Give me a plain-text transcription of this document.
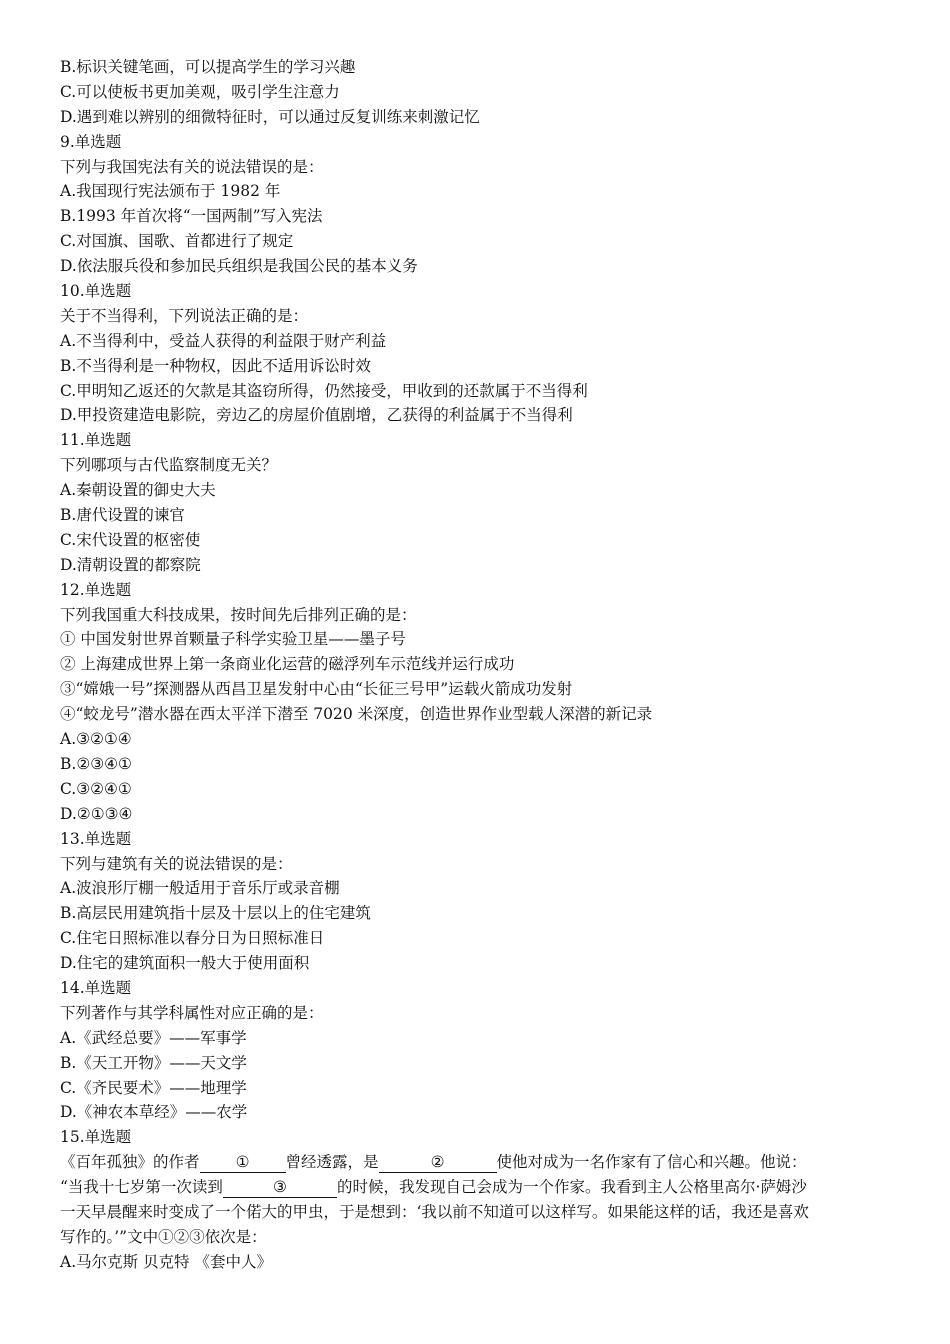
B.标识关键笔画，可以提高学生的学习兴趣
C.可以使板书更加美观，吸引学生注意力
D.遇到难以辨别的细微特征时，可以通过反复训练来刺激记忆
9.单选题
下列与我国宪法有关的说法错误的是：
A.我国现行宪法颁布于 1982 年
B.1993 年首次将“一国两制”写入宪法
C.对国旗、国歌、首都进行了规定
D.依法服兵役和参加民兵组织是我国公民的基本义务
10.单选题
关于不当得利，下列说法正确的是：
A.不当得利中，受益人获得的利益限于财产利益
B.不当得利是一种物权，因此不适用诉讼时效
C.甲明知乙返还的欠款是其盗窃所得，仍然接受，甲收到的还款属于不当得利
D.甲投资建造电影院，旁边乙的房屋价值剧增，乙获得的利益属于不当得利
11.单选题
下列哪项与古代监察制度无关？
A.秦朝设置的御史大夫
B.唐代设置的谏官
C.宋代设置的枢密使
D.清朝设置的都察院
12.单选题
下列我国重大科技成果，按时间先后排列正确的是：
① 中国发射世界首颗量子科学实验卫星——墨子号
② 上海建成世界上第一条商业化运营的磁浮列车示范线并运行成功
③“嫦娥一号”探测器从西昌卫星发射中心由“长征三号甲”运载火箭成功发射
④“蛟龙号”潜水器在西太平洋下潜至 7020 米深度，创造世界作业型载人深潜的新记录
A.③②①④
B.②③④①
C.③②④①
D.②①③④
13.单选题
下列与建筑有关的说法错误的是：
A.波浪形厅棚一般适用于音乐厅或录音棚
B.高层民用建筑指十层及十层以上的住宅建筑
C.住宅日照标准以春分日为日照标准日
D.住宅的建筑面积一般大于使用面积
14.单选题
下列著作与其学科属性对应正确的是：
A.《武经总要》——军事学
B.《天工开物》——天文学
C.《齐民要术》——地理学
D.《神农本草经》——农学
15.单选题
《百年孤独》的作者 ① 曾经透露，是	②	使他对成为一名作家有了信心和兴趣。他说：
“当我十七岁第一次读到	③	的时候，我发现自己会成为一个作家。我看到主人公格里高尔·萨姆沙
一天早晨醒来时变成了一个偌大的甲虫，于是想到：‘我以前不知道可以这样写。如果能这样的话，我还是喜欢
写作的。’”文中①②③依次是：
A.马尔克斯 贝克特 《套中人》
